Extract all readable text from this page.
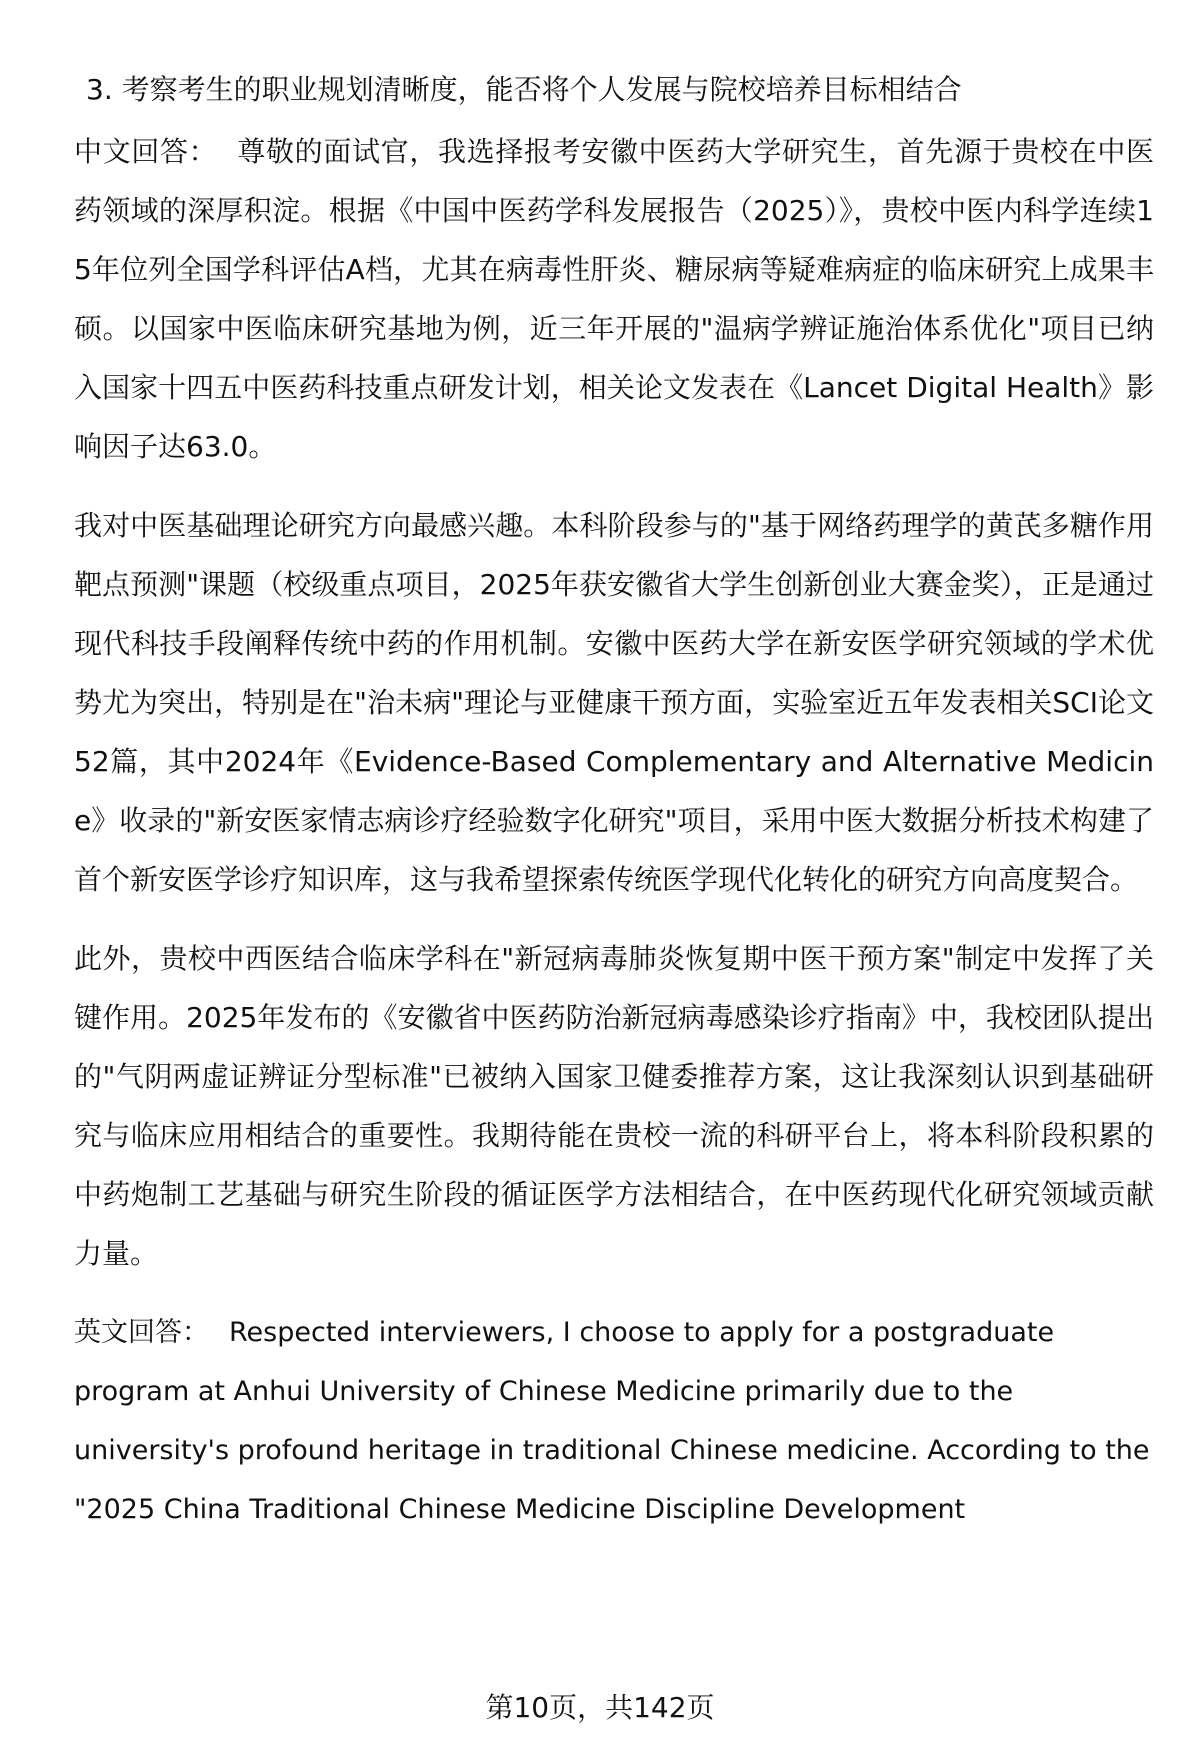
3. 考察考生的职业规划清晰度，能否将个人发展与院校培养目标相结合

中文回答： 尊敬的面试官，我选择报考安徽中医药大学研究生，首先源于贵校在中医药领域的深厚积淀。根据《中国中医药学科发展报告（2025）》，贵校中医内科学连续15年位列全国学科评估A档，尤其在病毒性肝炎、糖尿病等疑难病症的临床研究上成果丰硕。以国家中医临床研究基地为例，近三年开展的"温病学辨证施治体系优化"项目已纳入国家十四五中医药科技重点研发计划，相关论文发表在《Lancet Digital Health》影响因子达63.0。

我对中医基础理论研究方向最感兴趣。本科阶段参与的"基于网络药理学的黄芪多糖作用靶点预测"课题（校级重点项目，2025年获安徽省大学生创新创业大赛金奖），正是通过现代科技手段阐释传统中药的作用机制。安徽中医药大学在新安医学研究领域的学术优势尤为突出，特别是在"治未病"理论与亚健康干预方面，实验室近五年发表相关SCI论文52篇，其中2024年《Evidence-Based Complementary and Alternative Medicine》收录的"新安医家情志病诊疗经验数字化研究"项目，采用中医大数据分析技术构建了首个新安医学诊疗知识库，这与我希望探索传统医学现代化转化的研究方向高度契合。

此外，贵校中西医结合临床学科在"新冠病毒肺炎恢复期中医干预方案"制定中发挥了关键作用。2025年发布的《安徽省中医药防治新冠病毒感染诊疗指南》中，我校团队提出的"气阴两虚证辨证分型标准"已被纳入国家卫健委推荐方案，这让我深刻认识到基础研究与临床应用相结合的重要性。我期待能在贵校一流的科研平台上，将本科阶段积累的中药炮制工艺基础与研究生阶段的循证医学方法相结合，在中医药现代化研究领域贡献力量。

英文回答： Respected interviewers, I choose to apply for a postgraduate program at Anhui University of Chinese Medicine primarily due to the university's profound heritage in traditional Chinese medicine. According to the "2025 China Traditional Chinese Medicine Discipline Development

第10页，共142页
